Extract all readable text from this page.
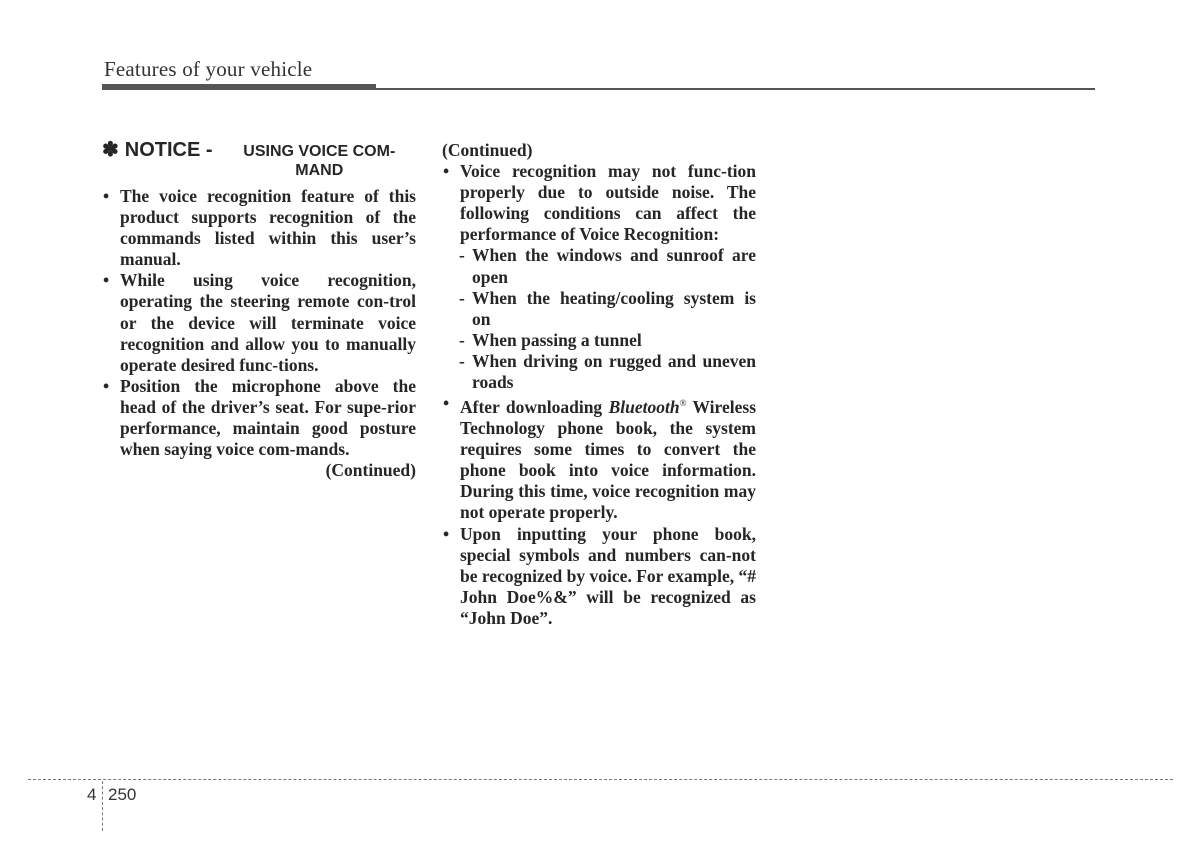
Features of your vehicle
✽ NOTICE -	USING VOICE COM-MAND
• The voice recognition feature of this product supports recognition of the commands listed within this user’s manual.
• While using voice recognition, operating the steering remote con-trol or the device will terminate voice recognition and allow you to manually operate desired func-tions.
• Position the microphone above the head of the driver’s seat. For supe-rior performance, maintain good posture when saying voice com-mands.
(Continued)
(Continued)
• Voice recognition may not func-tion properly due to outside noise. The following conditions can affect the performance of Voice Recognition:
- When the windows and sunroof are open
- When the heating/cooling system is on
- When passing a tunnel
- When driving on rugged and uneven roads
• After downloading Bluetooth® Wireless Technology phone book, the system requires some times to convert the phone book into voice information. During this time, voice recognition may not operate properly.
• Upon inputting your phone book, special symbols and numbers can-not be recognized by voice. For example, “# John Doe%&” will be recognized as “John Doe”.
4 250
